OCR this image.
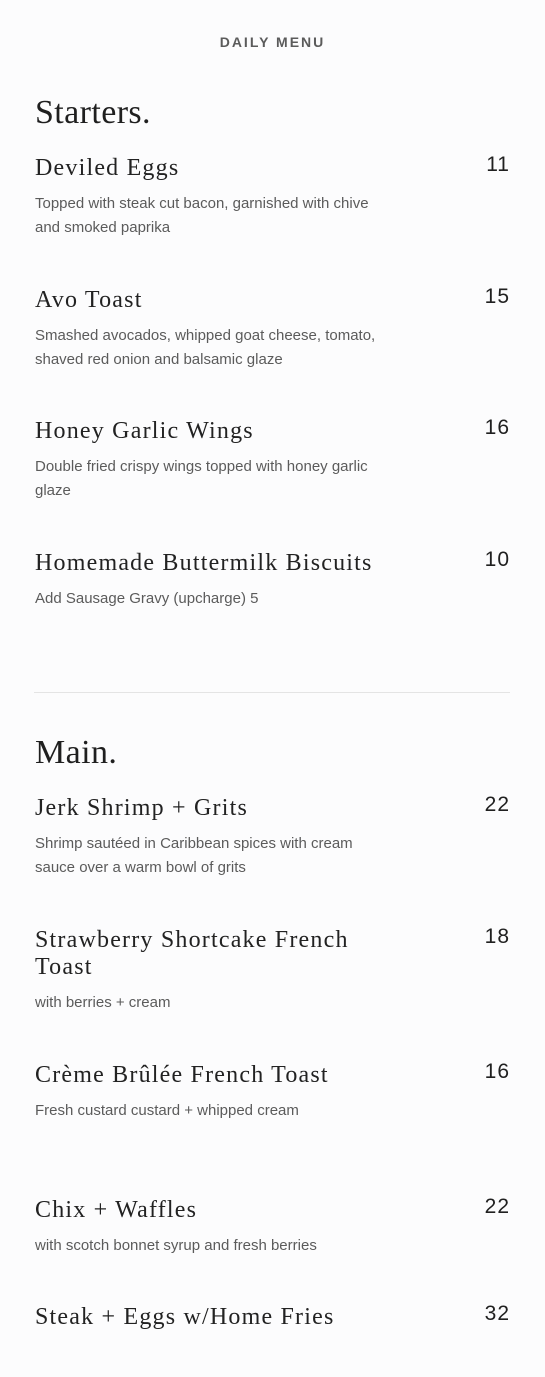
DAILY MENU
Starters.
Deviled Eggs	11
Topped with steak cut bacon, garnished with chive and smoked paprika
Avo Toast	15
Smashed avocados, whipped goat cheese, tomato, shaved red onion and balsamic glaze
Honey Garlic Wings	16
Double fried crispy wings topped with honey garlic glaze
Homemade Buttermilk Biscuits	10
Add Sausage Gravy (upcharge) 5
Main.
Jerk Shrimp + Grits	22
Shrimp sautéed in Caribbean spices with cream sauce over a warm bowl of grits
Strawberry Shortcake French Toast
18
with berries + cream
Crème Brûlée French Toast	16
Fresh custard custard + whipped cream
Chix + Waffles	22
with scotch bonnet syrup and fresh berries
Steak + Eggs w/Home Fries	32
